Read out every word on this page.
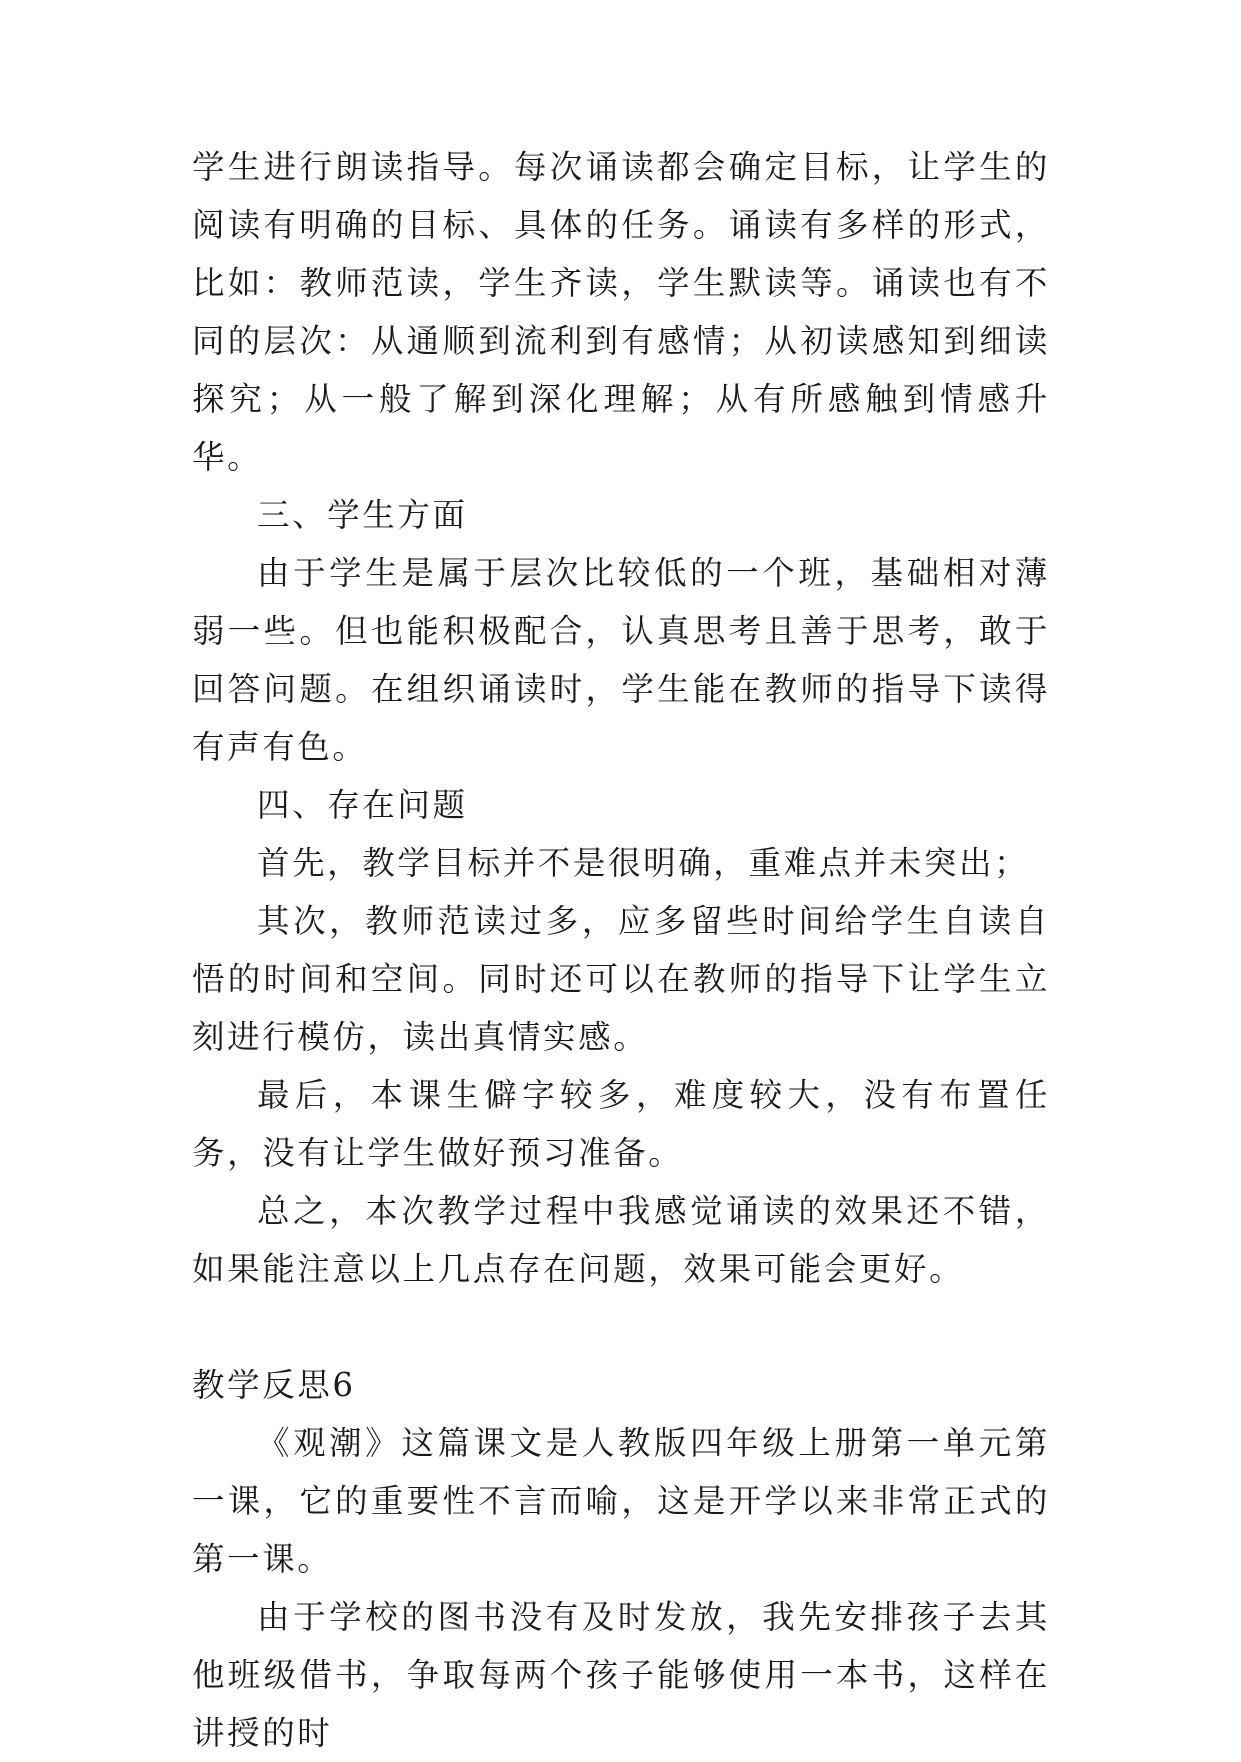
学生进行朗读指导。每次诵读都会确定目标，让学生的阅读有明确的目标、具体的任务。诵读有多样的形式，比如：教师范读，学生齐读，学生默读等。诵读也有不同的层次：从通顺到流利到有感情；从初读感知到细读探究；从一般了解到深化理解；从有所感触到情感升华。

三、学生方面

由于学生是属于层次比较低的一个班，基础相对薄弱一些。但也能积极配合，认真思考且善于思考，敢于回答问题。在组织诵读时，学生能在教师的指导下读得有声有色。

四、存在问题

首先，教学目标并不是很明确，重难点并未突出；

其次，教师范读过多，应多留些时间给学生自读自悟的时间和空间。同时还可以在教师的指导下让学生立刻进行模仿，读出真情实感。

最后，本课生僻字较多，难度较大，没有布置任务，没有让学生做好预习准备。

总之，本次教学过程中我感觉诵读的效果还不错，如果能注意以上几点存在问题，效果可能会更好。

教学反思6

《观潮》这篇课文是人教版四年级上册第一单元第一课，它的重要性不言而喻，这是开学以来非常正式的第一课。

由于学校的图书没有及时发放，我先安排孩子去其他班级借书，争取每两个孩子能够使用一本书，这样在讲授的时
